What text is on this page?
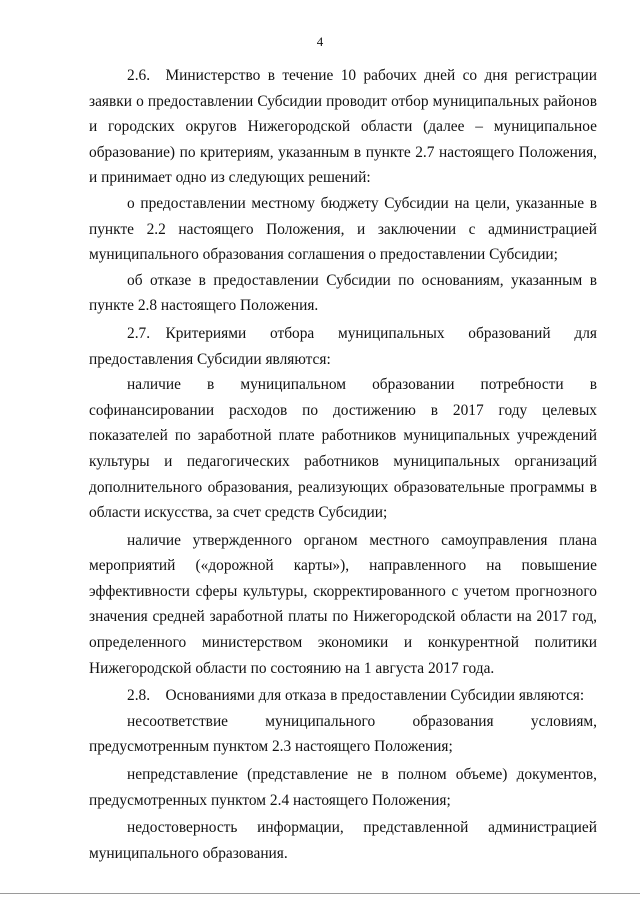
4

2.6. Министерство в течение 10 рабочих дней со дня регистрации заявки о предоставлении Субсидии проводит отбор муниципальных районов и городских округов Нижегородской области (далее – муниципальное образование) по критериям, указанным в пункте 2.7 настоящего Положения, и принимает одно из следующих решений:

о предоставлении местному бюджету Субсидии на цели, указанные в пункте 2.2 настоящего Положения, и заключении с администрацией муниципального образования соглашения о предоставлении Субсидии;

об отказе в предоставлении Субсидии по основаниям, указанным в пункте 2.8 настоящего Положения.

2.7. Критериями отбора муниципальных образований для предоставления Субсидии являются:

наличие в муниципальном образовании потребности в софинансировании расходов по достижению в 2017 году целевых показателей по заработной плате работников муниципальных учреждений культуры и педагогических работников муниципальных организаций дополнительного образования, реализующих образовательные программы в области искусства, за счет средств Субсидии;

наличие утвержденного органом местного самоуправления плана мероприятий («дорожной карты»), направленного на повышение эффективности сферы культуры, скорректированного с учетом прогнозного значения средней заработной платы по Нижегородской области на 2017 год, определенного министерством экономики и конкурентной политики Нижегородской области по состоянию на 1 августа 2017 года.

2.8. Основаниями для отказа в предоставлении Субсидии являются:

несоответствие муниципального образования условиям, предусмотренным пунктом 2.3 настоящего Положения;

непредставление (представление не в полном объеме) документов, предусмотренных пунктом 2.4 настоящего Положения;

недостоверность информации, представленной администрацией муниципального образования.
